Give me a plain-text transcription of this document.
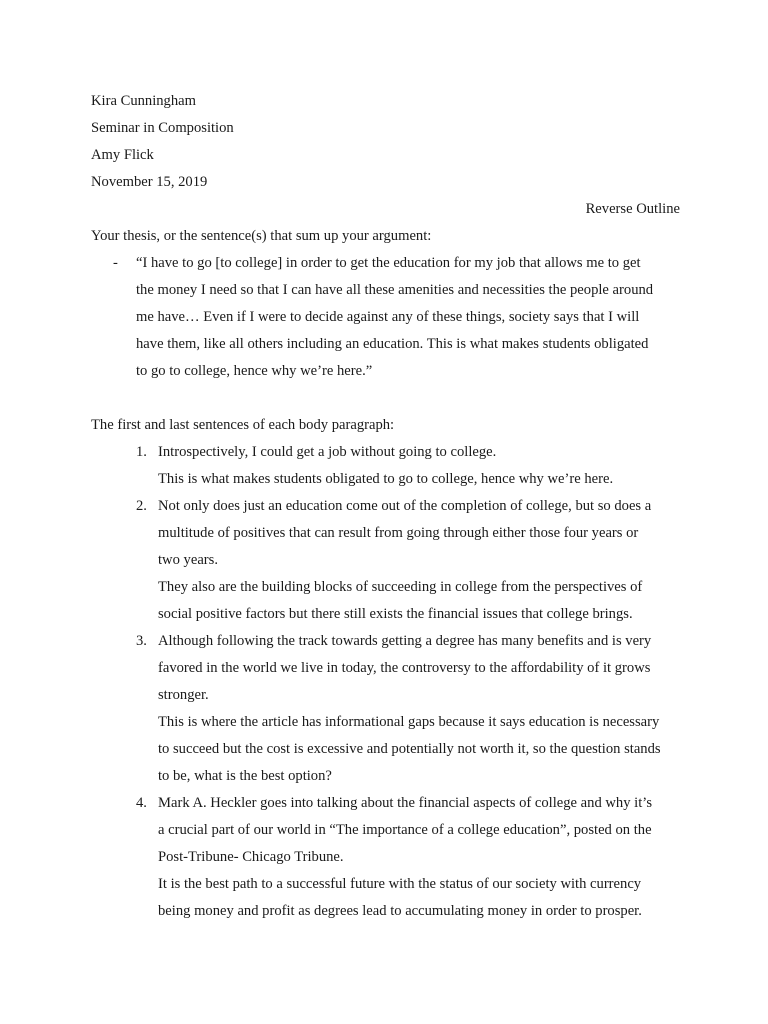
Kira Cunningham
Seminar in Composition
Amy Flick
November 15, 2019
Reverse Outline
Your thesis, or the sentence(s) that sum up your argument:
- “I have to go [to college] in order to get the education for my job that allows me to get
the money I need so that I can have all these amenities and necessities the people around
me have… Even if I were to decide against any of these things, society says that I will
have them, like all others including an education. This is what makes students obligated
to go to college, hence why we’re here.”
The first and last sentences of each body paragraph:
1. Introspectively, I could get a job without going to college.
This is what makes students obligated to go to college, hence why we’re here.
2. Not only does just an education come out of the completion of college, but so does a
multitude of positives that can result from going through either those four years or
two years.
They also are the building blocks of succeeding in college from the perspectives of
social positive factors but there still exists the financial issues that college brings.
3. Although following the track towards getting a degree has many benefits and is very
favored in the world we live in today, the controversy to the affordability of it grows
stronger.
This is where the article has informational gaps because it says education is necessary
to succeed but the cost is excessive and potentially not worth it, so the question stands
to be, what is the best option?
4. Mark A. Heckler goes into talking about the financial aspects of college and why it’s
a crucial part of our world in “The importance of a college education”, posted on the
Post-Tribune- Chicago Tribune.
It is the best path to a successful future with the status of our society with currency
being money and profit as degrees lead to accumulating money in order to prosper.
